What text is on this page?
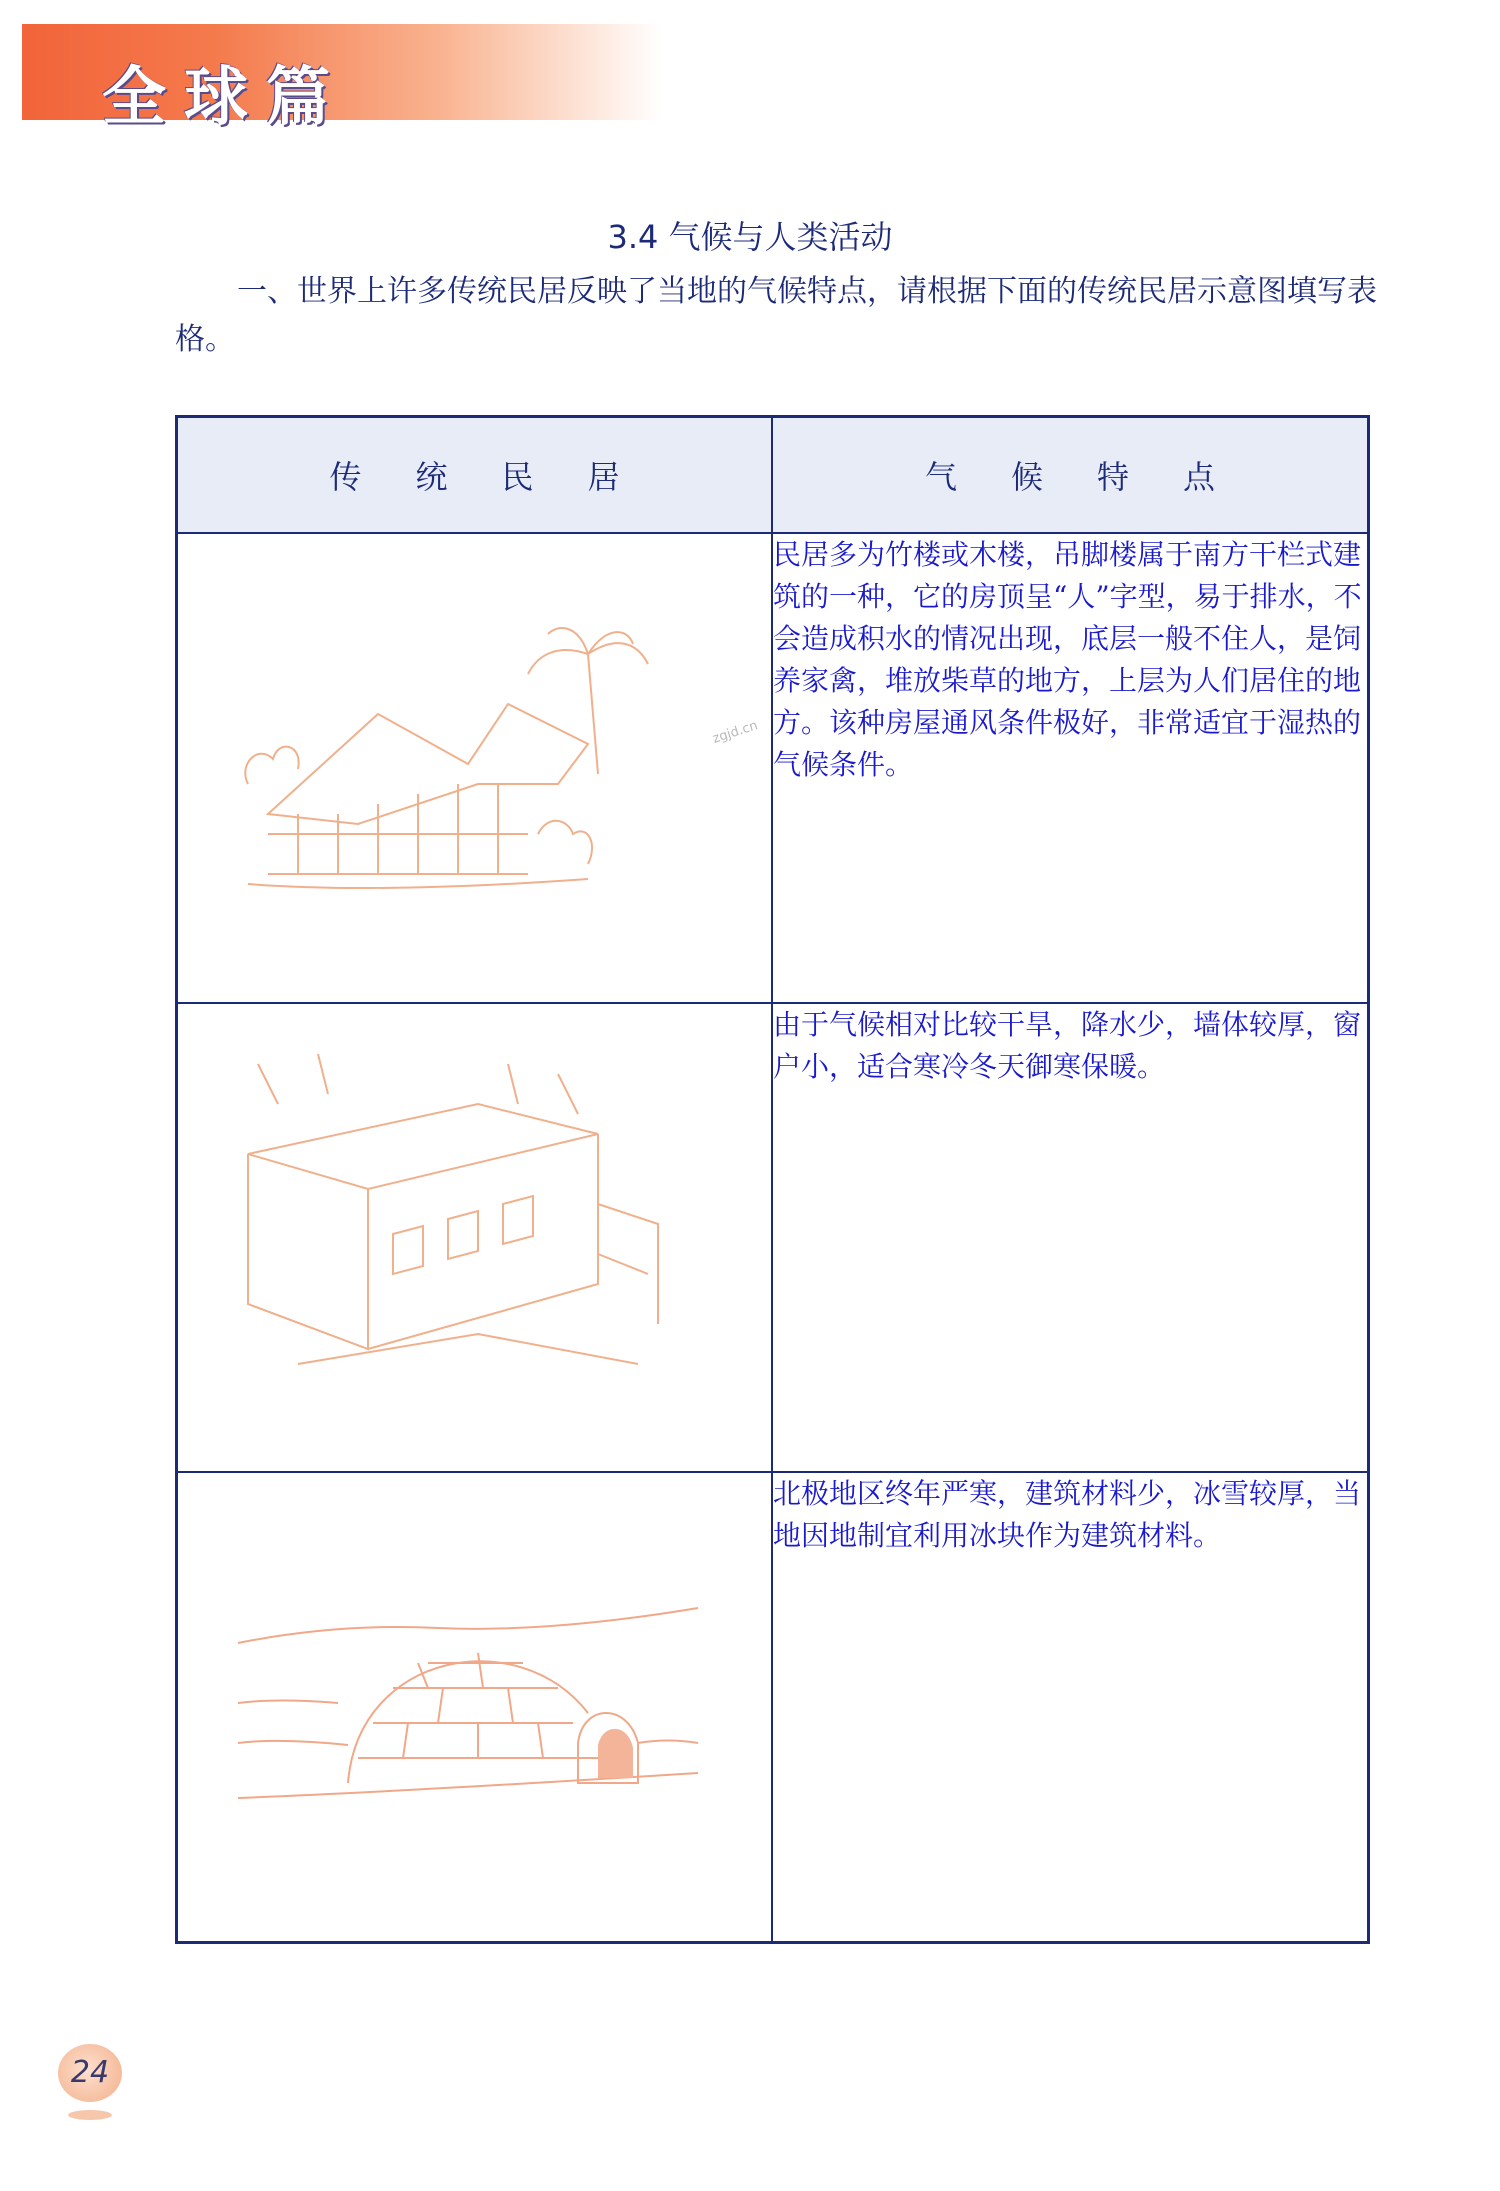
全球篇
3.4 气候与人类活动
一、世界上许多传统民居反映了当地的气候特点，请根据下面的传统民居示意图填写表格。
传统民居	气候特点

	民居多为竹楼或木楼，吊脚楼属于南方干栏式建筑的一种，它的房顶呈“人”字型，易于排水，不会造成积水的情况出现，底层一般不住人，是饲养家禽，堆放柴草的地方，上层为人们居住的地方。该种房屋通风条件极好，非常适宜于湿热的气候条件。

	由于气候相对比较干旱，降水少，墙体较厚，窗户小，适合寒冷冬天御寒保暖。

	北极地区终年严寒，建筑材料少，冰雪较厚，当地因地制宜利用冰块作为建筑材料。
zgjd.cn
24
